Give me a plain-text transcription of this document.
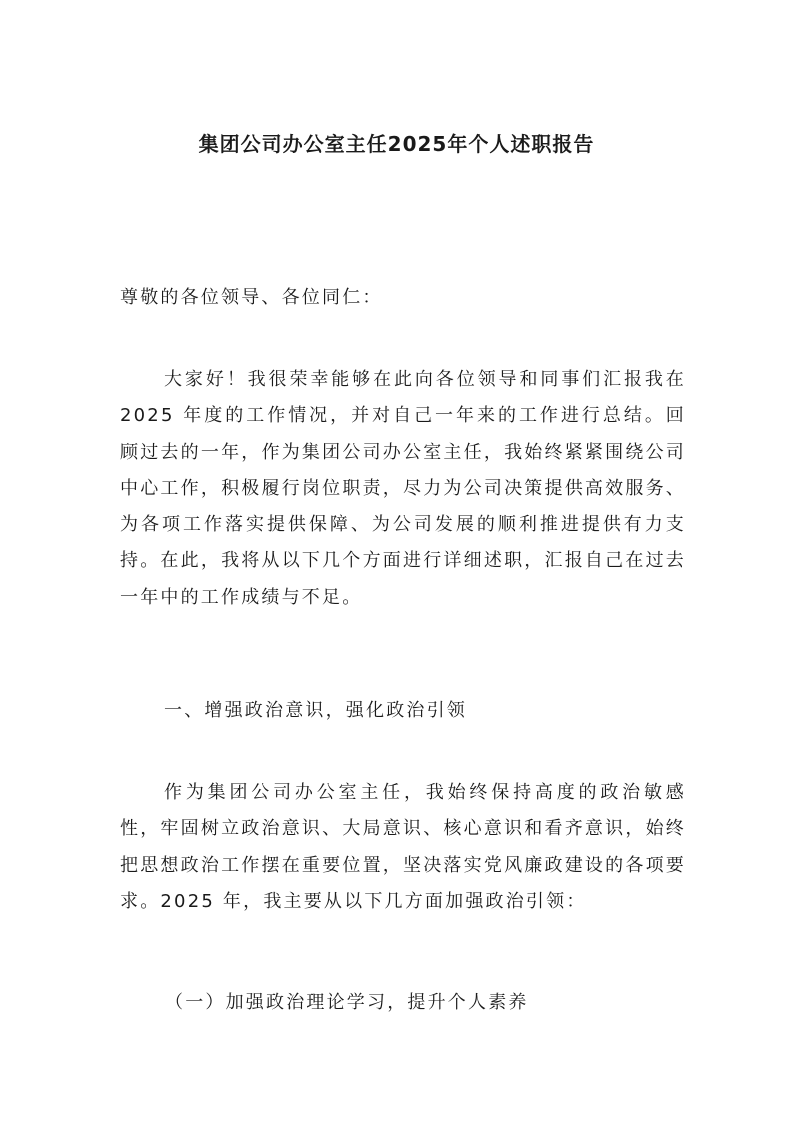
集团公司办公室主任2025年个人述职报告

尊敬的各位领导、各位同仁：

大家好！我很荣幸能够在此向各位领导和同事们汇报我在 2025 年度的工作情况，并对自己一年来的工作进行总结。回顾过去的一年，作为集团公司办公室主任，我始终紧紧围绕公司中心工作，积极履行岗位职责，尽力为公司决策提供高效服务、为各项工作落实提供保障、为公司发展的顺利推进提供有力支持。在此，我将从以下几个方面进行详细述职，汇报自己在过去一年中的工作成绩与不足。

一、增强政治意识，强化政治引领

作为集团公司办公室主任，我始终保持高度的政治敏感性，牢固树立政治意识、大局意识、核心意识和看齐意识，始终把思想政治工作摆在重要位置，坚决落实党风廉政建设的各项要求。2025 年，我主要从以下几方面加强政治引领：

（一）加强政治理论学习，提升个人素养
